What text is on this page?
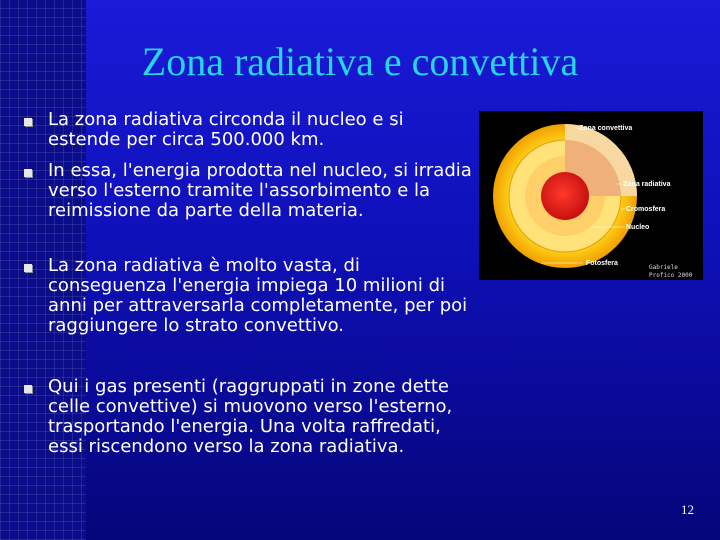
Zona radiativa e convettiva
La zona radiativa circonda il nucleo e si estende per circa 500.000 km.
In essa, l'energia prodotta nel nucleo, si irradia verso l'esterno tramite l'assorbimento e la reimissione da parte della materia.
La zona radiativa è molto vasta, di conseguenza l'energia impiega 10 milioni di anni per attraversarla completamente, per poi raggiungere lo strato convettivo.
Qui i gas presenti (raggruppati in zone dette celle convettive) si muovono verso l'esterno, trasportando l'energia. Una volta raffredati, essi riscendono verso la zona radiativa.
Zona convettiva
Zona radiativa
Cromosfera
Nucleo
Fotosfera
Gabriele
Profico 2000
12
